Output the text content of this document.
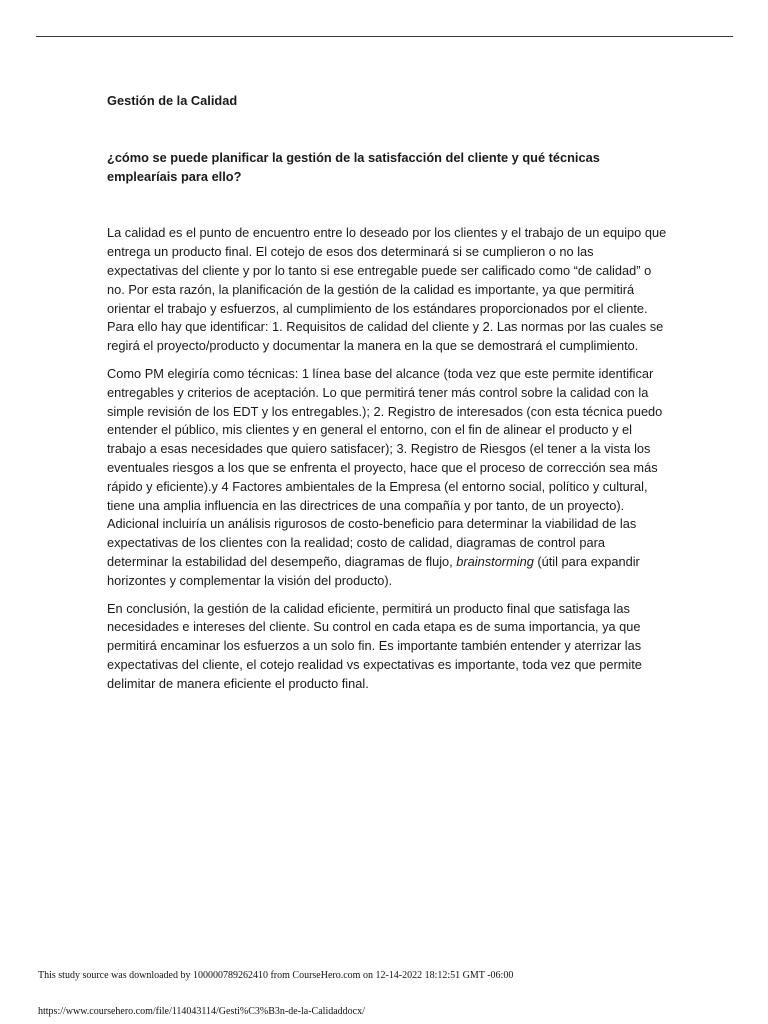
Gestión de la Calidad

¿cómo se puede planificar la gestión de la satisfacción del cliente y qué técnicas emplearíais para ello?

La calidad es el punto de encuentro entre lo deseado por los clientes y el trabajo de un equipo que entrega un producto final. El cotejo de esos dos determinará si se cumplieron o no las expectativas del cliente y por lo tanto si ese entregable puede ser calificado como “de calidad” o no. Por esta razón, la planificación de la gestión de la calidad es importante, ya que permitirá orientar el trabajo y esfuerzos, al cumplimiento de los estándares proporcionados por el cliente. Para ello hay que identificar: 1. Requisitos de calidad del cliente y 2. Las normas por las cuales se regirá el proyecto/producto y documentar la manera en la que se demostrará el cumplimiento.

Como PM elegiría como técnicas: 1 línea base del alcance (toda vez que este permite identificar entregables y criterios de aceptación. Lo que permitirá tener más control sobre la calidad con la simple revisión de los EDT y los entregables.); 2. Registro de interesados (con esta técnica puedo entender el público, mis clientes y en general el entorno, con el fin de alinear el producto y el trabajo a esas necesidades que quiero satisfacer); 3. Registro de Riesgos (el tener a la vista los eventuales riesgos a los que se enfrenta el proyecto, hace que el proceso de corrección sea más rápido y eficiente).y 4 Factores ambientales de la Empresa (el entorno social, político y cultural, tiene una amplia influencia en las directrices de una compañía y por tanto, de un proyecto). Adicional incluiría un análisis rigurosos de costo-beneficio para determinar la viabilidad de las expectativas de los clientes con la realidad; costo de calidad, diagramas de control para determinar la estabilidad del desempeño, diagramas de flujo, brainstorming (útil para expandir horizontes y complementar la visión del producto).

En conclusión, la gestión de la calidad eficiente, permitirá un producto final que satisfaga las necesidades e intereses del cliente. Su control en cada etapa es de suma importancia, ya que permitirá encaminar los esfuerzos a un solo fin. Es importante también entender y aterrizar las expectativas del cliente, el cotejo realidad vs expectativas es importante, toda vez que permite delimitar de manera eficiente el producto final.

This study source was downloaded by 100000789262410 from CourseHero.com on 12-14-2022 18:12:51 GMT -06:00
https://www.coursehero.com/file/114043114/Gesti%C3%B3n-de-la-Calidaddocx/
